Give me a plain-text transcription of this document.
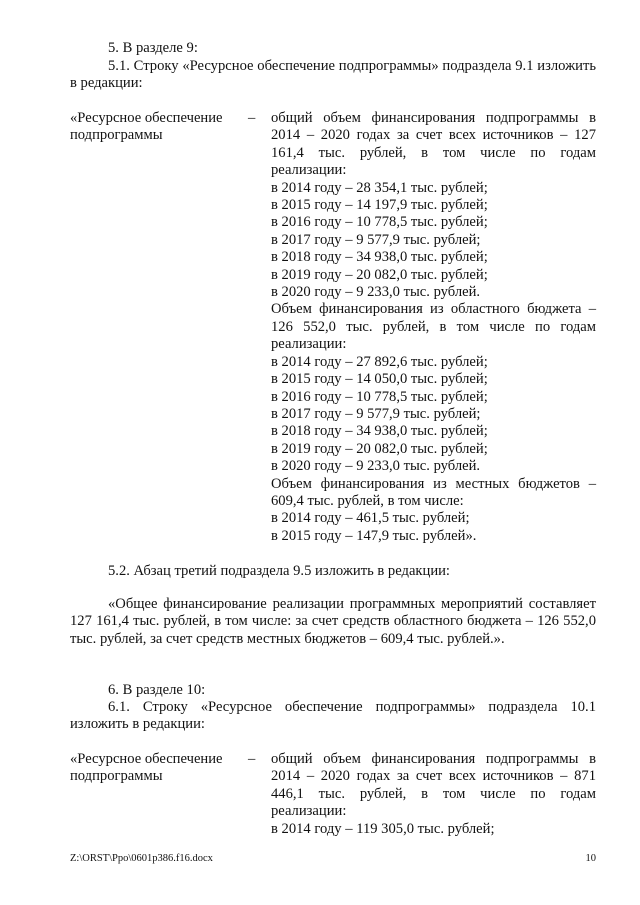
5. В разделе 9:

5.1. Строку «Ресурсное обеспечение подпрограммы» подраздела 9.1 изложить в редакции:

«Ресурсное обеспечение подпрограммы
– общий объем финансирования подпрограммы в 2014 – 2020 годах за счет всех источников – 127 161,4 тыс. рублей, в том числе по годам реализации:

в 2014 году – 28 354,1 тыс. рублей;

в 2015 году – 14 197,9 тыс. рублей;

в 2016 году – 10 778,5 тыс. рублей;

в 2017 году – 9 577,9 тыс. рублей;

в 2018 году – 34 938,0 тыс. рублей;

в 2019 году – 20 082,0 тыс. рублей;

в 2020 году – 9 233,0 тыс. рублей.

Объем финансирования из областного бюджета – 126 552,0 тыс. рублей, в том числе по годам реализации:

в 2014 году – 27 892,6 тыс. рублей;

в 2015 году – 14 050,0 тыс. рублей;

в 2016 году – 10 778,5 тыс. рублей;

в 2017 году – 9 577,9 тыс. рублей;

в 2018 году – 34 938,0 тыс. рублей;

в 2019 году – 20 082,0 тыс. рублей;

в 2020 году – 9 233,0 тыс. рублей.

Объем финансирования из местных бюджетов – 609,4 тыс. рублей, в том числе:

в 2014 году – 461,5 тыс. рублей;

в 2015 году – 147,9 тыс. рублей».

5.2. Абзац третий подраздела 9.5 изложить в редакции:

«Общее финансирование реализации программных мероприятий составляет 127 161,4 тыс. рублей, в том числе: за счет средств областного бюджета – 126 552,0 тыс. рублей, за счет средств местных бюджетов – 609,4 тыс. рублей.».

6. В разделе 10:

6.1. Строку «Ресурсное обеспечение подпрограммы» подраздела 10.1 изложить в редакции:

«Ресурсное обеспечение подпрограммы
– общий объем финансирования подпрограммы в 2014 – 2020 годах за счет всех источников – 871 446,1 тыс. рублей, в том числе по годам реализации:

в 2014 году – 119 305,0 тыс. рублей;

Z:\ORST\Ppo\0601p386.f16.docx	10
